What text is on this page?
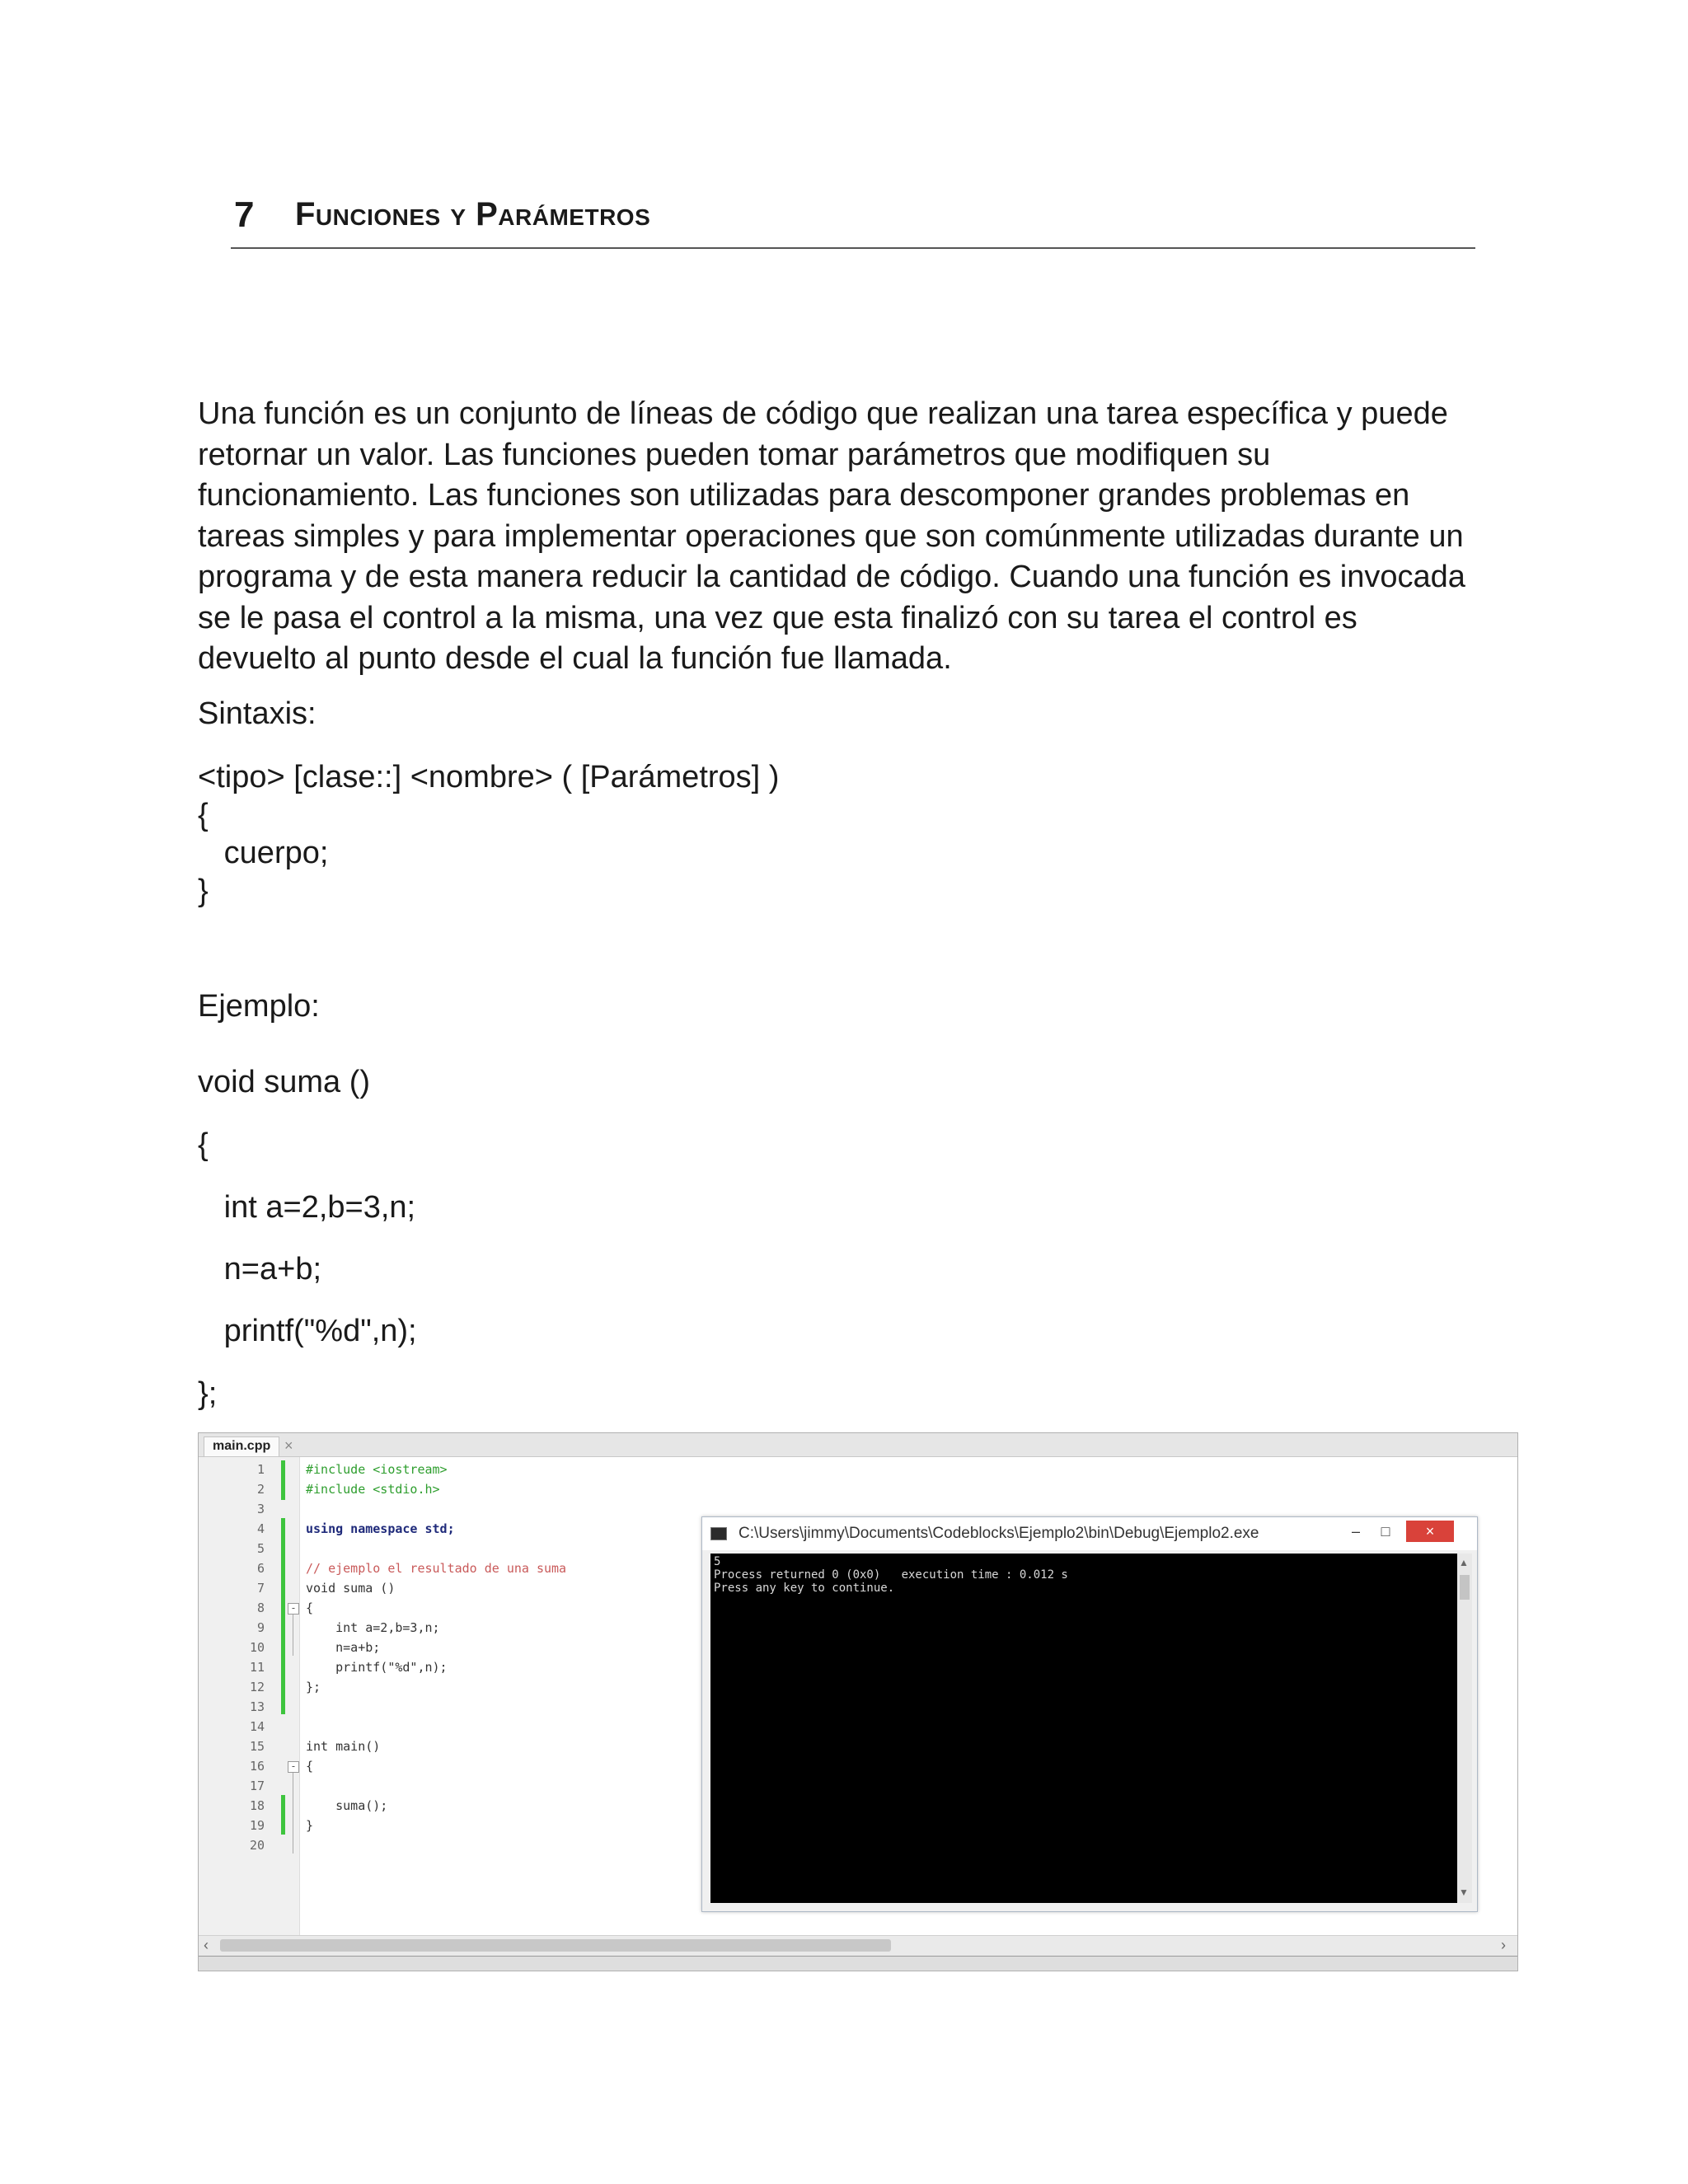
7 Funciones y Parámetros
Una función es un conjunto de líneas de código que realizan una tarea específica y puede retornar un valor. Las funciones pueden tomar parámetros que modifiquen su funcionamiento. Las funciones son utilizadas para descomponer grandes problemas en tareas simples y para implementar operaciones que son comúnmente utilizadas durante un programa y de esta manera reducir la cantidad de código. Cuando una función es invocada se le pasa el control a la misma, una vez que esta finalizó con su tarea el control es devuelto al punto desde el cual la función fue llamada.
Sintaxis:
<tipo> [clase::] <nombre> ( [Parámetros] )
{
cuerpo;
}
Ejemplo:
void suma ()
{
int a=2,b=3,n;
n=a+b;
printf("%d",n);
};
main.cpp ×
1
2
3
4
5
6
7
8
9
10
11
12
13
14
15
16
17
18
19
20
-
-
#include <iostream>
#include <stdio.h>
using namespace std;
// ejemplo el resultado de una suma
void suma ()
{
int a=2,b=3,n;
n=a+b;
printf("%d",n);
};
int main()
{
suma();
}
C:\Users\jimmy\Documents\Codeblocks\Ejemplo2\bin\Debug\Ejemplo2.exe	–	□	×
5
Process returned 0 (0x0)   execution time : 0.012 s
Press any key to continue.
▲
▼
‹	›
